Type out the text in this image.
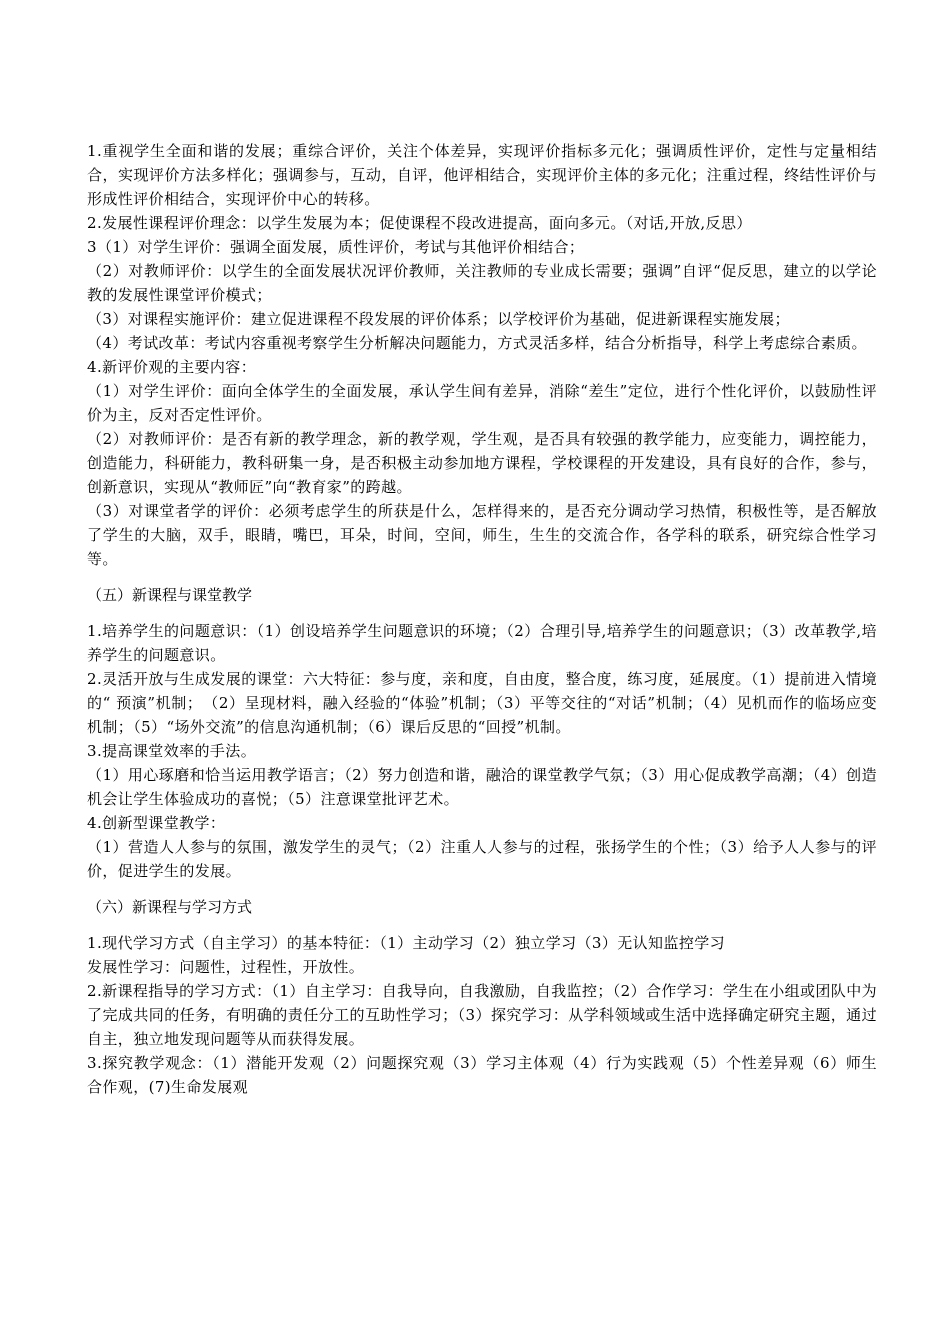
1.重视学生全面和谐的发展；重综合评价，关注个体差异，实现评价指标多元化；强调质性评价，定性与定量相结合，实现评价方法多样化；强调参与，互动，自评，他评相结合，实现评价主体的多元化；注重过程，终结性评价与形成性评价相结合，实现评价中心的转移。

2.发展性课程评价理念：以学生发展为本；促使课程不段改进提高，面向多元。（对话,开放,反思）

3（1）对学生评价：强调全面发展，质性评价，考试与其他评价相结合；

（2）对教师评价：以学生的全面发展状况评价教师，关注教师的专业成长需要；强调”自评“促反思，建立的以学论教的发展性课堂评价模式；

（3）对课程实施评价：建立促进课程不段发展的评价体系；以学校评价为基础，促进新课程实施发展；

（4）考试改革：考试内容重视考察学生分析解决问题能力，方式灵活多样，结合分析指导，科学上考虑综合素质。

4.新评价观的主要内容：

（1）对学生评价：面向全体学生的全面发展，承认学生间有差异，消除“差生”定位，进行个性化评价，以鼓励性评价为主，反对否定性评价。

（2）对教师评价：是否有新的教学理念，新的教学观，学生观，是否具有较强的教学能力，应变能力，调控能力，创造能力，科研能力，教科研集一身，是否积极主动参加地方课程，学校课程的开发建设，具有良好的合作，参与，创新意识，实现从“教师匠”向“教育家”的跨越。

（3）对课堂者学的评价：必须考虑学生的所获是什么，怎样得来的，是否充分调动学习热情，积极性等，是否解放了学生的大脑，双手，眼睛，嘴巴，耳朵，时间，空间，师生，生生的交流合作，各学科的联系，研究综合性学习等。

（五）新课程与课堂教学

1.培养学生的问题意识：（1）创设培养学生问题意识的环境；（2）合理引导,培养学生的问题意识；（3）改革教学,培养学生的问题意识。

2.灵活开放与生成发展的课堂：六大特征：参与度，亲和度，自由度，整合度，练习度，延展度。（1）提前进入情境的“ 预演”机制；　（2）呈现材料，融入经验的“体验”机制；（3）平等交往的“对话”机制；（4）见机而作的临场应变机制；（5）“场外交流”的信息沟通机制；（6）课后反思的“回授”机制。

3.提高课堂效率的手法。

（1）用心琢磨和恰当运用教学语言；（2）努力创造和谐，融洽的课堂教学气氛；（3）用心促成教学高潮；（4）创造机会让学生体验成功的喜悦；（5）注意课堂批评艺术。

4.创新型课堂教学：

（1）营造人人参与的氛围，激发学生的灵气；（2）注重人人参与的过程，张扬学生的个性；（3）给予人人参与的评价，促进学生的发展。

（六）新课程与学习方式

1.现代学习方式（自主学习）的基本特征：（1）主动学习（2）独立学习（3）无认知监控学习

发展性学习：问题性，过程性，开放性。

2.新课程指导的学习方式：（1）自主学习：自我导向，自我激励，自我监控；（2）合作学习：学生在小组或团队中为了完成共同的任务，有明确的责任分工的互助性学习；（3）探究学习：从学科领域或生活中选择确定研究主题，通过自主，独立地发现问题等从而获得发展。

3.探究教学观念：（1）潜能开发观（2）问题探究观（3）学习主体观（4）行为实践观（5）个性差异观（6）师生合作观，(7)生命发展观
